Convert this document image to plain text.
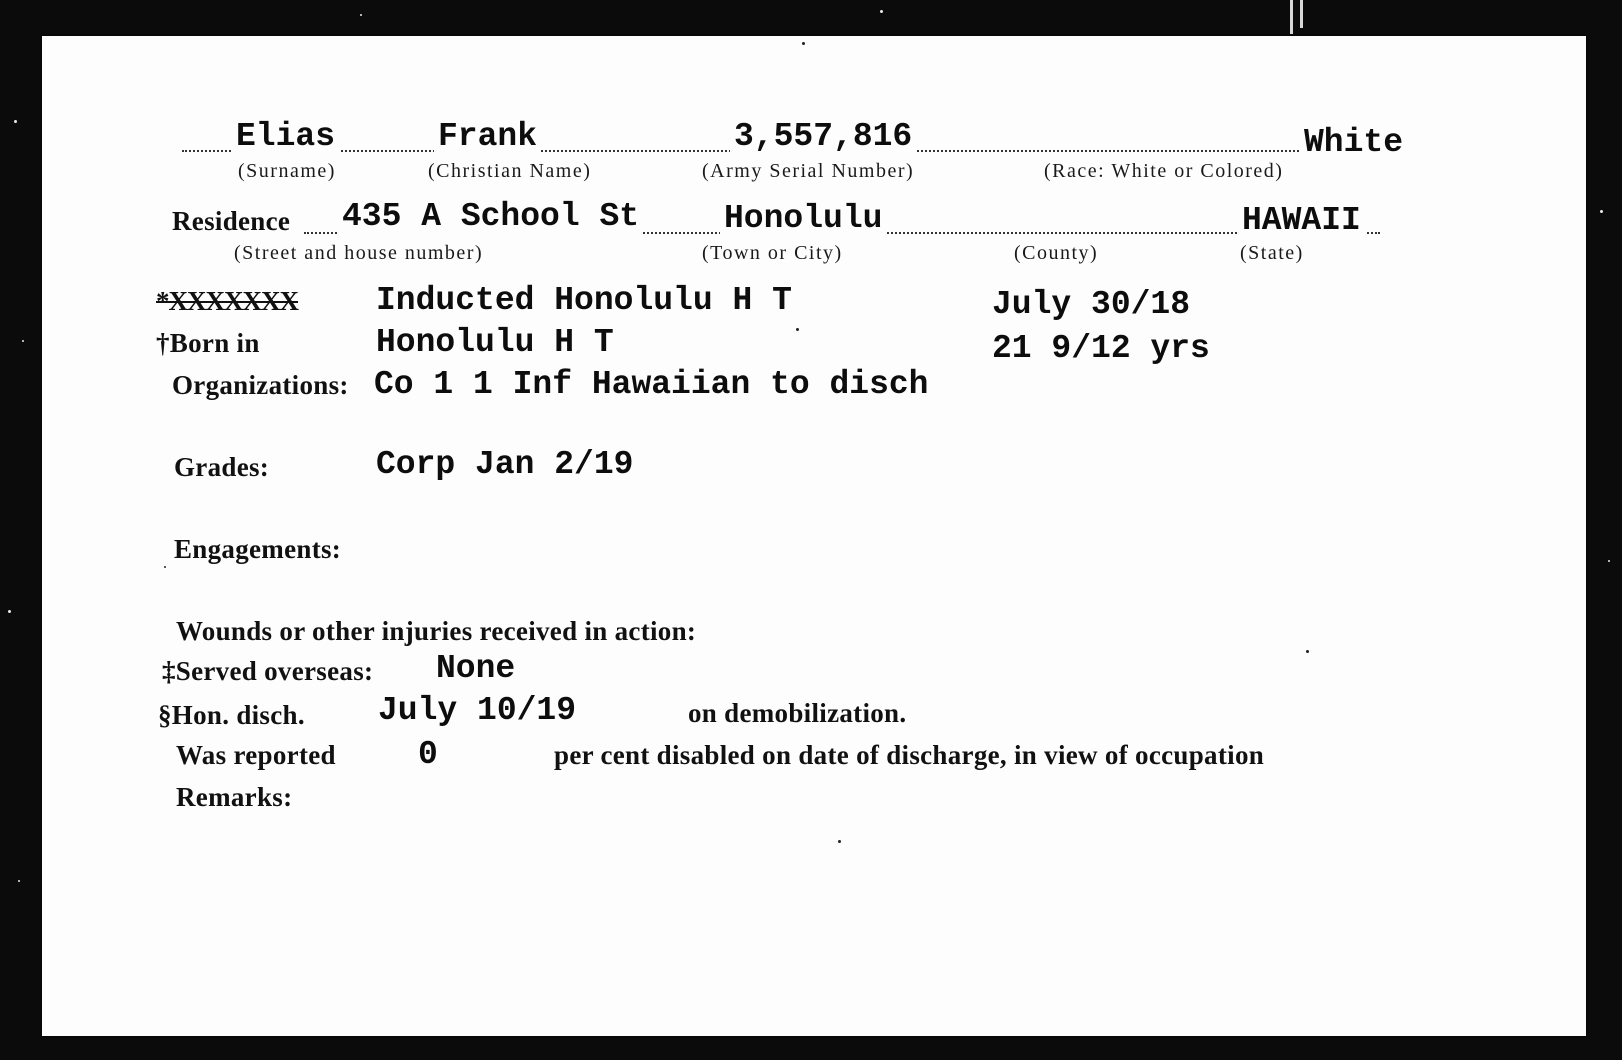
Elias	Frank	3,557,816	White
(Surname)	(Christian Name)	(Army Serial Number)	(Race: White or Colored)
Residence 435 A School St	Honolulu	HAWAII
(Street and house number)	(Town or City)	(County)	(State)
*XXXXXXX Inducted Honolulu H T	July 30/18
†Born in	Honolulu H T	21 9/12 yrs
Organizations: Co 1 1 Inf Hawaiian to disch
Grades:	Corp Jan 2/19
Engagements:
Wounds or other injuries received in action:
‡Served overseas: None
§Hon. disch. July 10/19	on demobilization.
Was reported 0	per cent disabled on date of discharge, in view of occupation
Remarks:
